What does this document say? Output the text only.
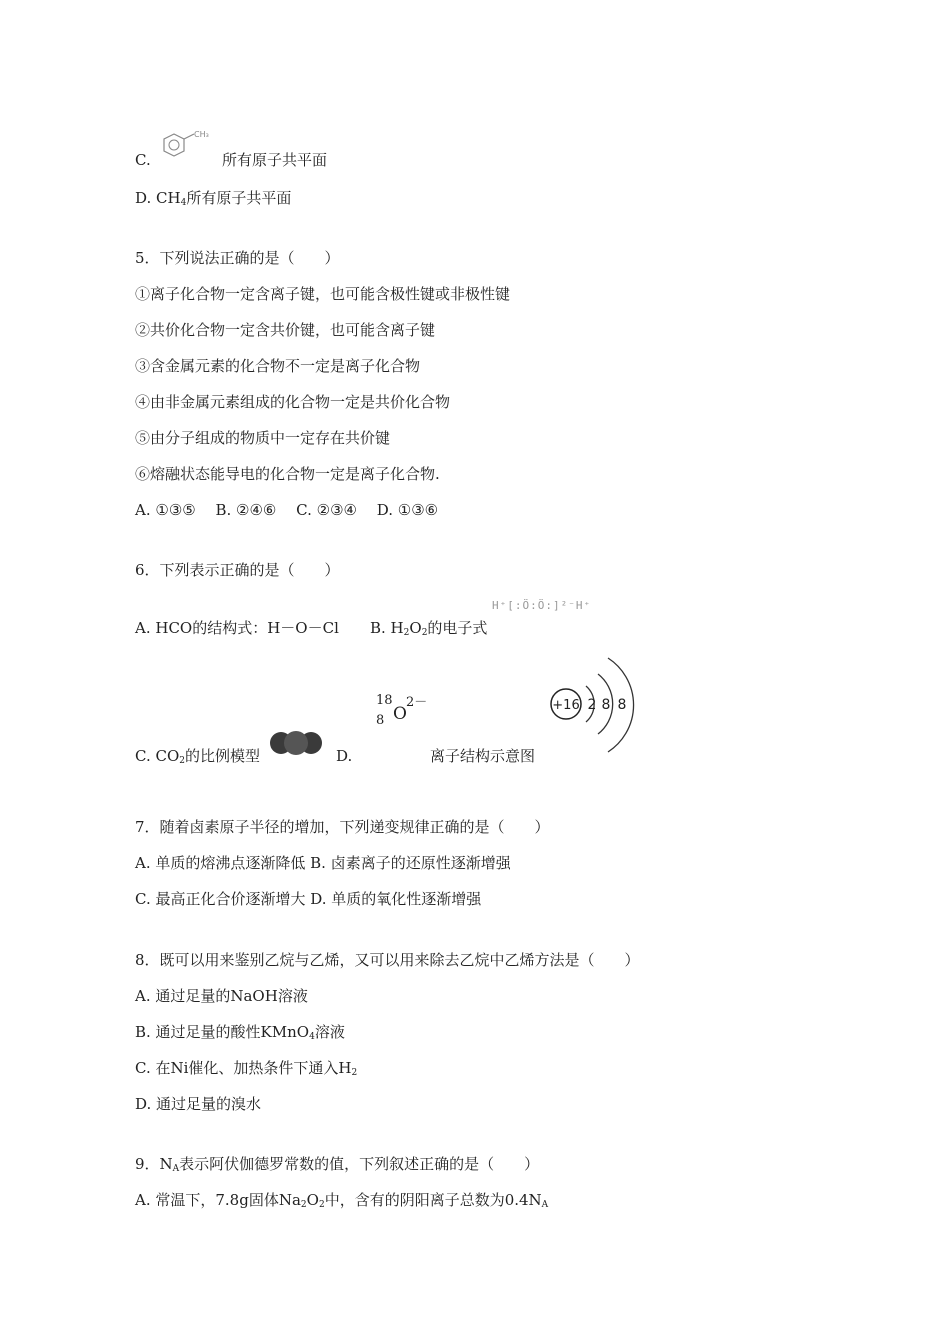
C.
CH₃
所有原子共平面
D. $CH_4$所有原子共平面
5．下列说法正确的是（　　）
①离子化合物一定含离子键，也可能含极性键或非极性键
②共价化合物一定含共价键，也可能含离子键
③含金属元素的化合物不一定是离子化合物
④由非金属元素组成的化合物一定是共价化合物
⑤由分子组成的物质中一定存在共价键
⑥熔融状态能导电的化合物一定是离子化合物.
A. ①③⑤　 B. ②④⑥　 C. ②③④　 D. ①③⑥
6．下列表示正确的是（　　）
A. HCO的结构式：H－O－Cl B. $H_2O_2$的电子式
H⁺[:Ö:Ö:]²⁻H⁺
18
8 O
2－	+16 2 8 8
C. $CO_2$的比例模型	D.	离子结构示意图
7．随着卤素原子半径的增加，下列递变规律正确的是（　　）
A. 单质的熔沸点逐渐降低 B. 卤素离子的还原性逐渐增强
C. 最高正化合价逐渐增大 D. 单质的氧化性逐渐增强
8．既可以用来鉴别乙烷与乙烯，又可以用来除去乙烷中乙烯方法是（　　）
A. 通过足量的NaOH溶液
B. 通过足量的酸性KMnO$_4$溶液
C. 在Ni催化、加热条件下通入$H_2$
D. 通过足量的溴水
9．$N_A$表示阿伏伽德罗常数的值，下列叙述正确的是（　　）
A. 常温下，7.8g固体$Na_2O_2$中，含有的阴阳离子总数为$0.4N_A$
